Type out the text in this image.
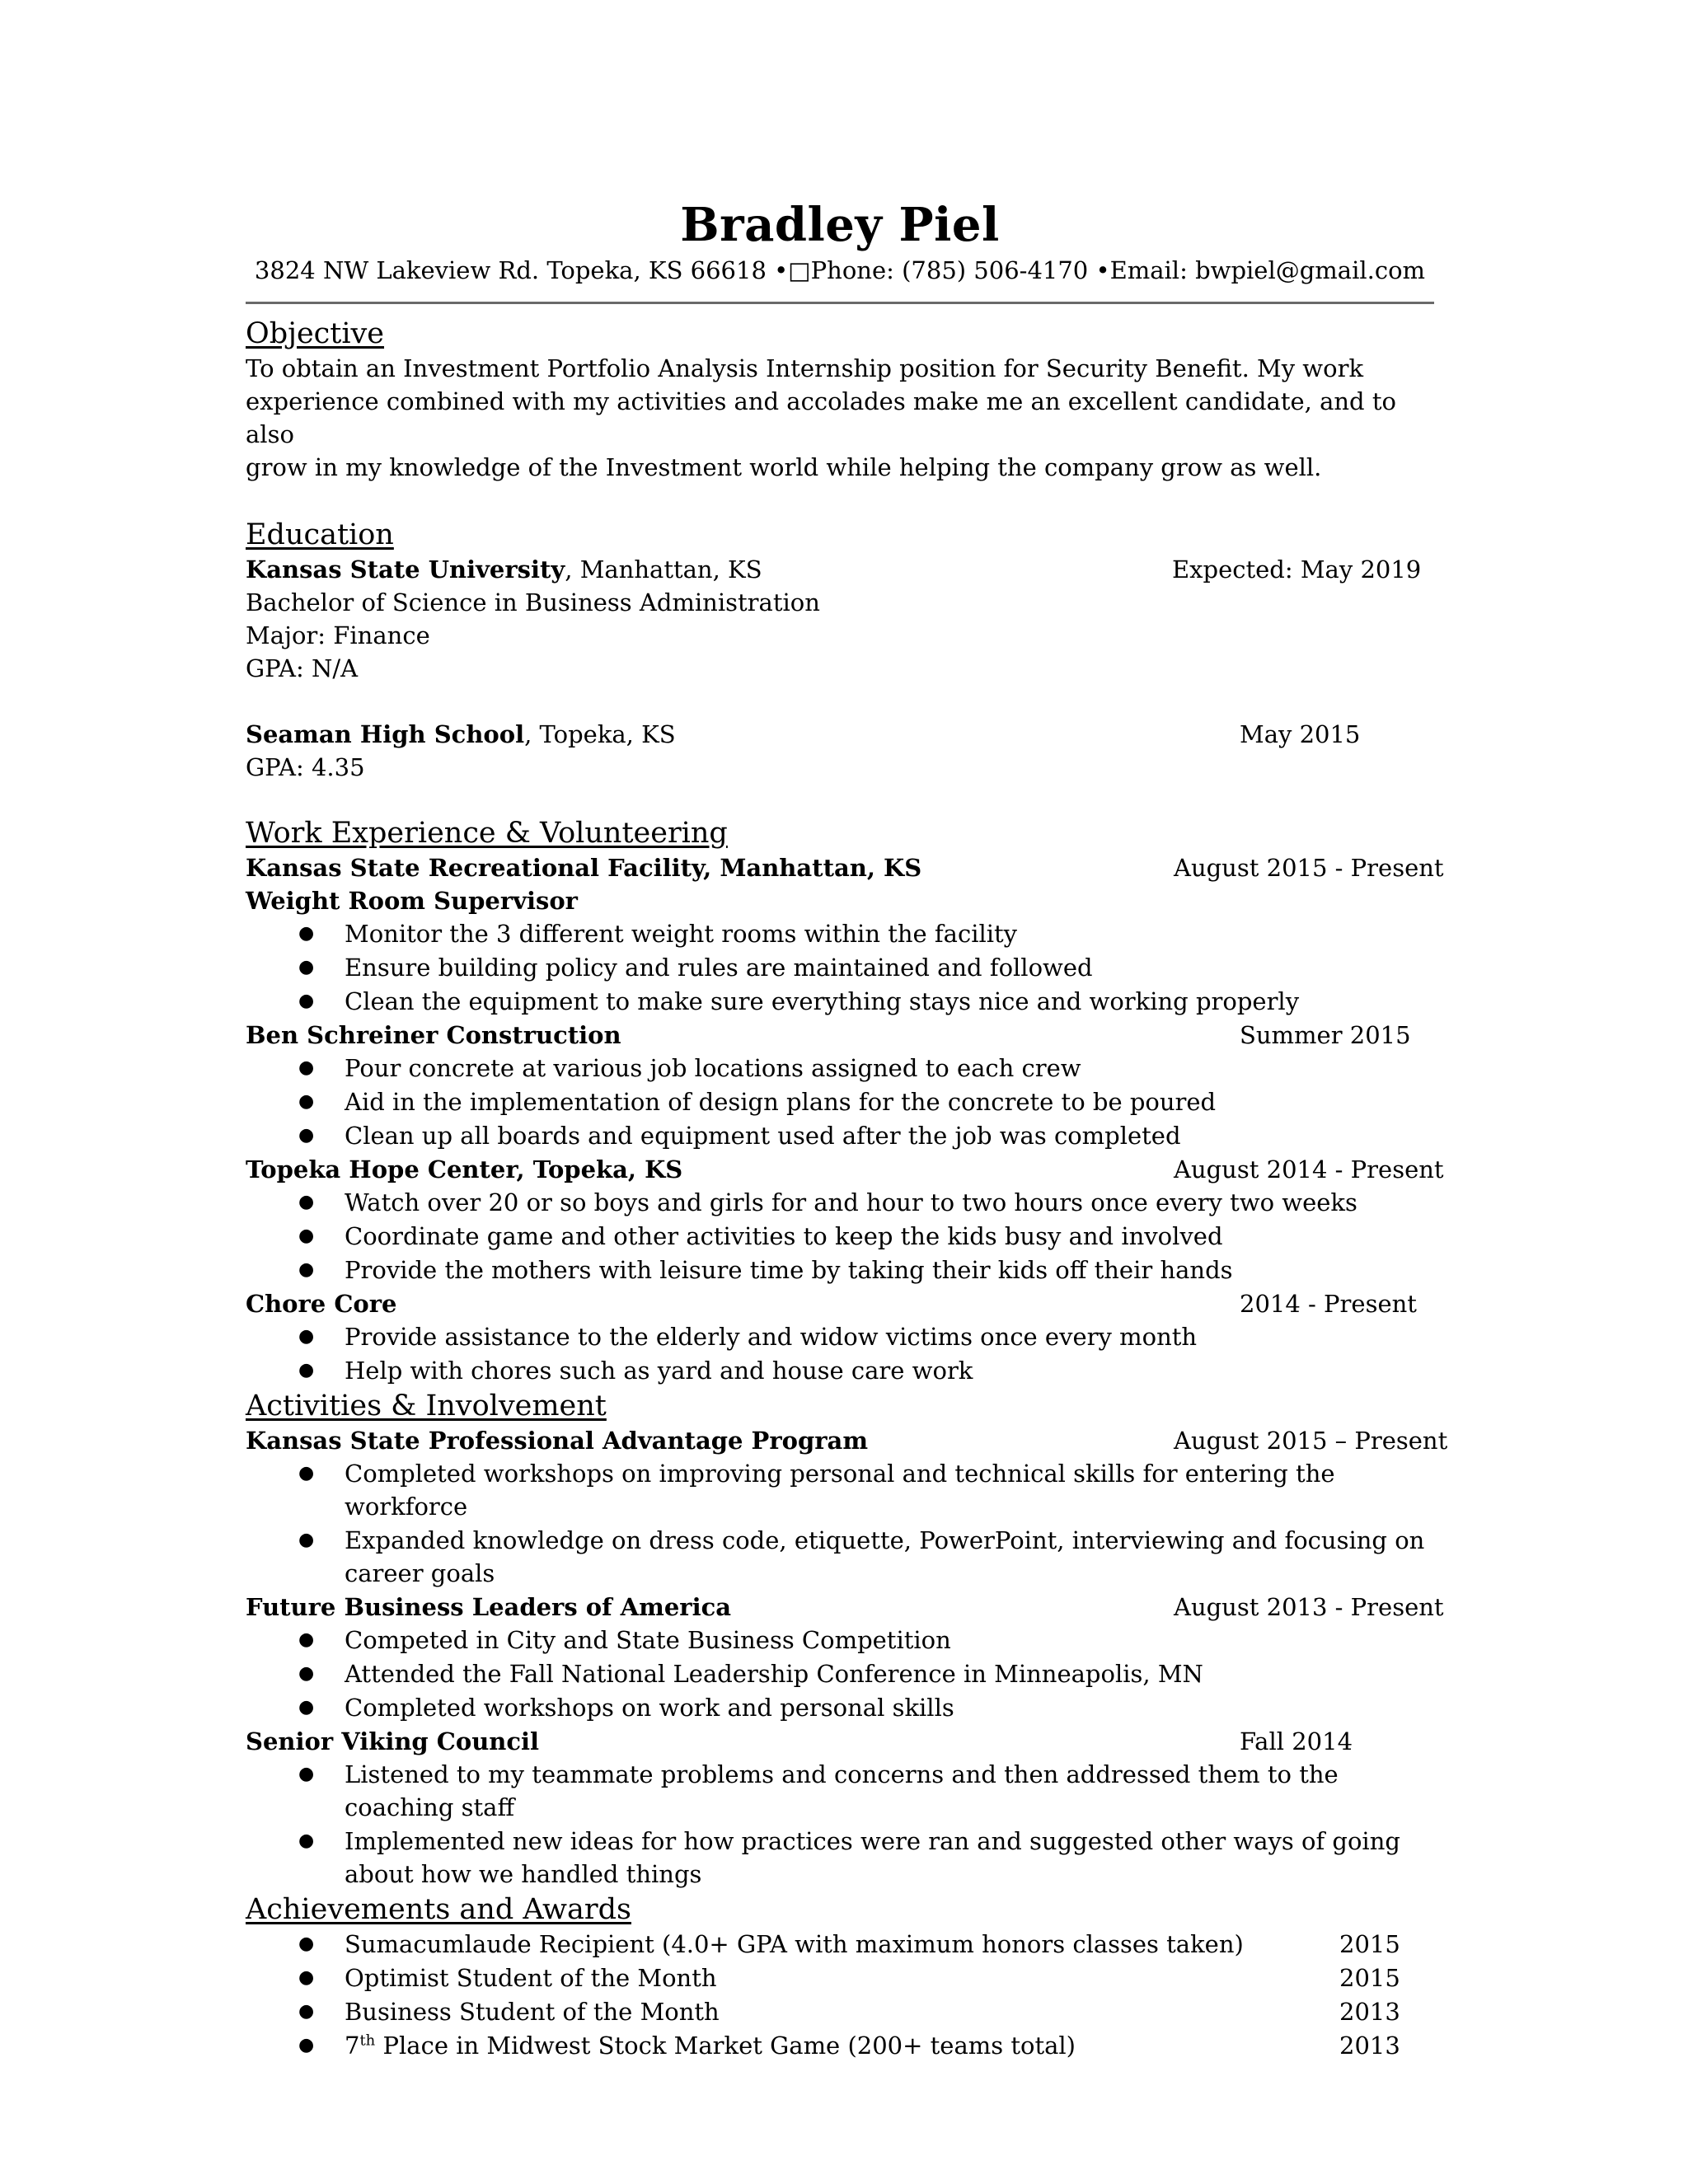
Bradley Piel
3824 NW Lakeview Rd. Topeka, KS 66618 •□Phone: (785) 506-4170 •Email: bwpiel@gmail.com
Objective
To obtain an Investment Portfolio Analysis Internship position for Security Benefit. My work
experience combined with my activities and accolades make me an excellent candidate, and to also
grow in my knowledge of the Investment world while helping the company grow as well.
Education
Kansas State University, Manhattan, KS	Expected: May 2019
Bachelor of Science in Business Administration
Major: Finance
GPA: N/A
Seaman High School, Topeka, KS	May 2015
GPA: 4.35
Work Experience & Volunteering
Kansas State Recreational Facility, Manhattan, KS	August 2015 - Present
Weight Room Supervisor
● Monitor the 3 different weight rooms within the facility
● Ensure building policy and rules are maintained and followed
● Clean the equipment to make sure everything stays nice and working properly
Ben Schreiner Construction	Summer 2015
● Pour concrete at various job locations assigned to each crew
● Aid in the implementation of design plans for the concrete to be poured
● Clean up all boards and equipment used after the job was completed
Topeka Hope Center, Topeka, KS	August 2014 - Present
● Watch over 20 or so boys and girls for and hour to two hours once every two weeks
● Coordinate game and other activities to keep the kids busy and involved
● Provide the mothers with leisure time by taking their kids off their hands
Chore Core	2014 - Present
● Provide assistance to the elderly and widow victims once every month
● Help with chores such as yard and house care work
Activities & Involvement
Kansas State Professional Advantage Program	August 2015 – Present
● Completed workshops on improving personal and technical skills for entering the workforce
● Expanded knowledge on dress code, etiquette, PowerPoint, interviewing and focusing on career goals
Future Business Leaders of America	August 2013 - Present
● Competed in City and State Business Competition
● Attended the Fall National Leadership Conference in Minneapolis, MN
● Completed workshops on work and personal skills
Senior Viking Council	Fall 2014
● Listened to my teammate problems and concerns and then addressed them to the coaching staff
● Implemented new ideas for how practices were ran and suggested other ways of going about how we handled things
Achievements and Awards
● Sumacumlaude Recipient (4.0+ GPA with maximum honors classes taken)	2015
● Optimist Student of the Month	2015
● Business Student of the Month	2013
● 7th Place in Midwest Stock Market Game (200+ teams total)	2013
